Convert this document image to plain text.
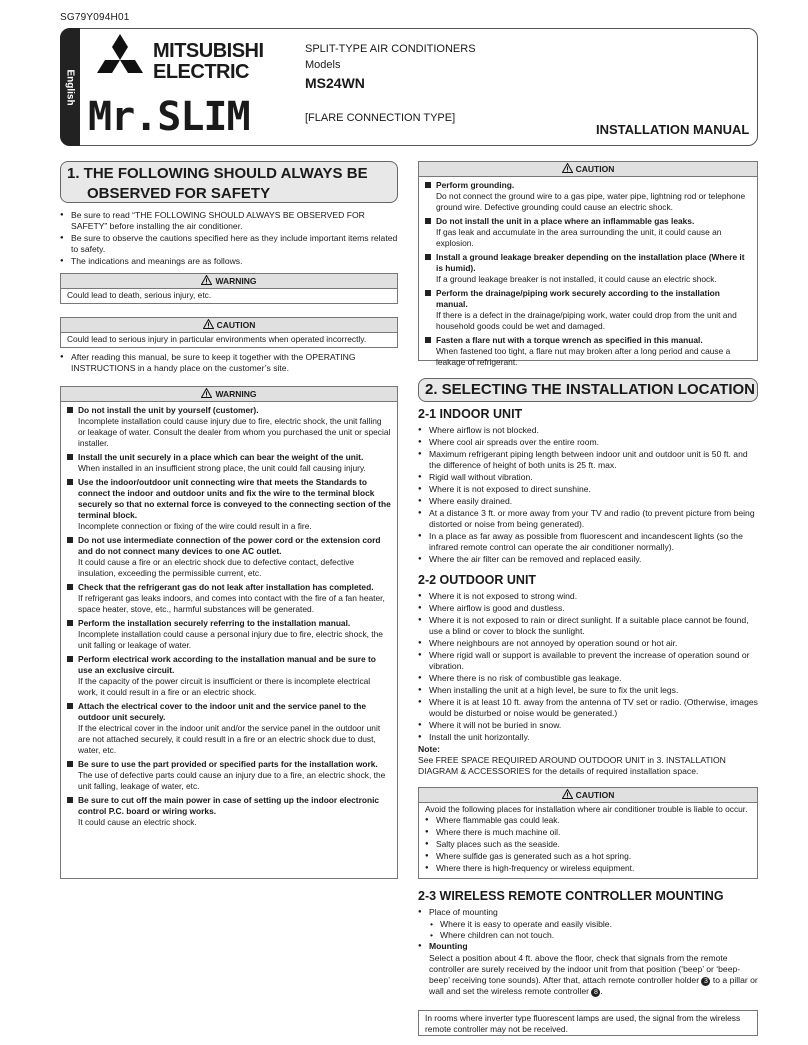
SG79Y094H01
English
MITSUBISHI
ELECTRIC
Mr.SLIM
SPLIT-TYPE AIR CONDITIONERS
Models
MS24WN
[FLARE CONNECTION TYPE]
INSTALLATION MANUAL
1. THE FOLLOWING SHOULD ALWAYS BE
OBSERVED FOR SAFETY
● Be sure to read “THE FOLLOWING SHOULD ALWAYS BE OBSERVED FOR SAFETY” before installing the air conditioner.
● Be sure to observe the cautions specified here as they include important items related to safety.
● The indications and meanings are as follows.
WARNING
Could lead to death, serious injury, etc.
CAUTION
Could lead to serious injury in particular environments when operated incorrectly.
● After reading this manual, be sure to keep it together with the OPERATING INSTRUCTIONS in a handy place on the customer’s site.
WARNING
Do not install the unit by yourself (customer).
Incomplete installation could cause injury due to fire, electric shock, the unit falling or leakage of water. Consult the dealer from whom you purchased the unit or special installer.
Install the unit securely in a place which can bear the weight of the unit.
When installed in an insufficient strong place, the unit could fall causing injury.
Use the indoor/outdoor unit connecting wire that meets the Standards to connect the indoor and outdoor units and fix the wire to the terminal block securely so that no external force is conveyed to the connecting section of the terminal block.
Incomplete connection or fixing of the wire could result in a fire.
Do not use intermediate connection of the power cord or the extension cord and do not connect many devices to one AC outlet.
It could cause a fire or an electric shock due to defective contact, defective insulation, exceeding the permissible current, etc.
Check that the refrigerant gas do not leak after installation has completed.
If refrigerant gas leaks indoors, and comes into contact with the fire of a fan heater, space heater, stove, etc., harmful substances will be generated.
Perform the installation securely referring to the installation manual.
Incomplete installation could cause a personal injury due to fire, electric shock, the unit falling or leakage of water.
Perform electrical work according to the installation manual and be sure to use an exclusive circuit.
If the capacity of the power circuit is insufficient or there is incomplete electrical work, it could result in a fire or an electric shock.
Attach the electrical cover to the indoor unit and the service panel to the outdoor unit securely.
If the electrical cover in the indoor unit and/or the service panel in the outdoor unit are not attached securely, it could result in a fire or an electric shock due to dust, water, etc.
Be sure to use the part provided or specified parts for the installation work.
The use of defective parts could cause an injury due to a fire, an electric shock, the unit falling, leakage of water, etc.
Be sure to cut off the main power in case of setting up the indoor electronic control P.C. board or wiring works.
It could cause an electric shock.
CAUTION
Perform grounding.
Do not connect the ground wire to a gas pipe, water pipe, lightning rod or telephone ground wire. Defective grounding could cause an electric shock.
Do not install the unit in a place where an inflammable gas leaks.
If gas leak and accumulate in the area surrounding the unit, it could cause an explosion.
Install a ground leakage breaker depending on the installation place (Where it is humid).
If a ground leakage breaker is not installed, it could cause an electric shock.
Perform the drainage/piping work securely according to the installation manual.
If there is a defect in the drainage/piping work, water could drop from the unit and household goods could be wet and damaged.
Fasten a flare nut with a torque wrench as specified in this manual.
When fastened too tight, a flare nut may broken after a long period and cause a leakage of refrigerant.
2. SELECTING THE INSTALLATION LOCATION
2-1 INDOOR UNIT
● Where airflow is not blocked.
● Where cool air spreads over the entire room.
● Maximum refrigerant piping length between indoor unit and outdoor unit is 50 ft. and the difference of height of both units is 25 ft. max.
● Rigid wall without vibration.
● Where it is not exposed to direct sunshine.
● Where easily drained.
● At a distance 3 ft. or more away from your TV and radio (to prevent picture from being distorted or noise from being generated).
● In a place as far away as possible from fluorescent and incandescent lights (so the infrared remote control can operate the air conditioner normally).
● Where the air filter can be removed and replaced easily.
2-2 OUTDOOR UNIT
● Where it is not exposed to strong wind.
● Where airflow is good and dustless.
● Where it is not exposed to rain or direct sunlight. If a suitable place cannot be found, use a blind or cover to block the sunlight.
● Where neighbours are not annoyed by operation sound or hot air.
● Where rigid wall or support is available to prevent the increase of operation sound or vibration.
● Where there is no risk of combustible gas leakage.
● When installing the unit at a high level, be sure to fix the unit legs.
● Where it is at least 10 ft. away from the antenna of TV set or radio. (Otherwise, images would be disturbed or noise would be generated.)
● Where it will not be buried in snow.
● Install the unit horizontally.
Note:
See FREE SPACE REQUIRED AROUND OUTDOOR UNIT in 3. INSTALLATION DIAGRAM & ACCESSORIES for the details of required installation space.
CAUTION
Avoid the following places for installation where air conditioner trouble is liable to occur.
● Where flammable gas could leak.
● Where there is much machine oil.
● Salty places such as the seaside.
● Where sulfide gas is generated such as a hot spring.
● Where there is high-frequency or wireless equipment.
2-3 WIRELESS REMOTE CONTROLLER MOUNTING
● Place of mounting
• Where it is easy to operate and easily visible.
• Where children can not touch.
● Mounting
Select a position about 4 ft. above the floor, check that signals from the remote controller are surely received by the indoor unit from that position (‘beep’ or ‘beep-beep’ receiving tone sounds). After that, attach remote controller holder 3 to a pillar or wall and set the wireless remote controller 8 .
In rooms where inverter type fluorescent lamps are used, the signal from the wireless remote controller may not be received.
